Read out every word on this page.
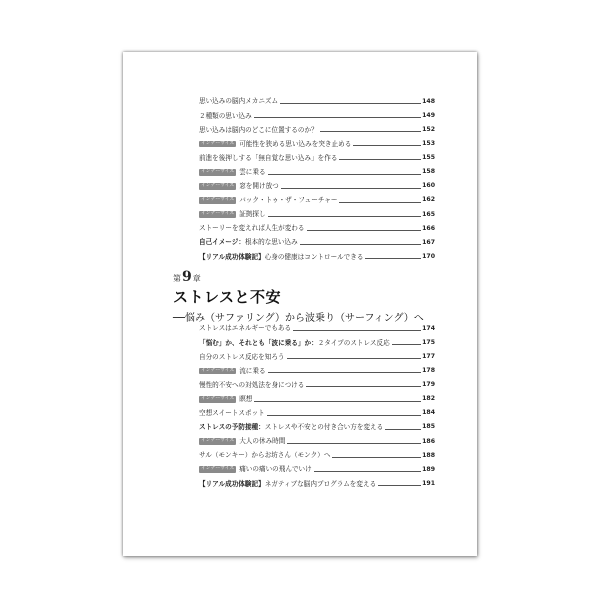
思い込みの脳内メカニズム	148
２種類の思い込み	149
思い込みは脳内のどこに位置するのか？	152
インナーサイズ 可能性を狭める思い込みを突き止める	153
前進を後押しする「無自覚な思い込み」を作る	155
インナーサイズ 雲に乗る	158
インナーサイズ 窓を開け放つ	160
インナーサイズ バック・トゥ・ザ・フューチャー	162
インナーサイズ 証拠探し	165
ストーリーを変えれば人生が変わる	166
自己イメージ： 根本的な思い込み	167
【リアル成功体験記】 心身の健康はコントロールできる	170
ストレスはエネルギーでもある	174
「悩む」か、それとも「波に乗る」か： ２タイプのストレス反応	175
自分のストレス反応を知ろう	177
インナーサイズ 流に乗る	178
慢性的不安への対処法を身につける	179
インナーサイズ 瞑想	182
空想スイートスポット	184
ストレスの予防接種： ストレスや不安との付き合い方を変える	185
インナーサイズ 大人の休み時間	186
サル（モンキー）からお坊さん（モンク）へ	188
インナーサイズ 痛いの痛いの飛んでいけ	189
【リアル成功体験記】 ネガティブな脳内プログラムを変える	191
第 9 章
ストレスと不安
──悩み（サファリング）から波乗り（サーフィング）へ
